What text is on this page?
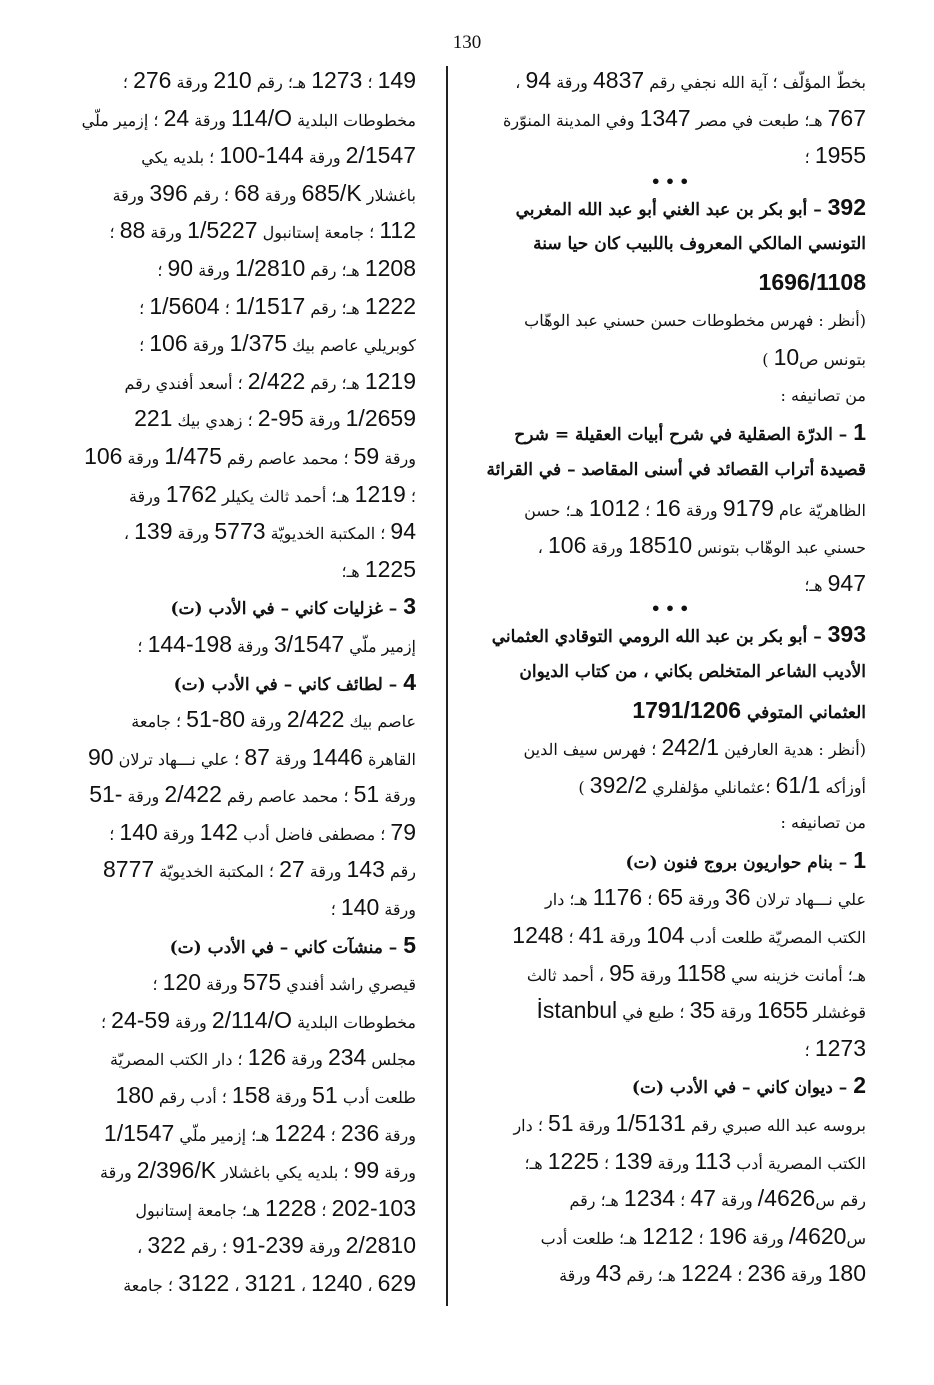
130
بخطّ المؤلّف ؛ آية الله نجفي رقم 4837 ورقة 94 ،
767 هـ؛ طبعت في مصر 1347 وفي المدينة المنوّرة
1955 ؛
•••
392 – أبو بكر بن عبد الغني أبو عبد الله المغربي
التونسي المالكي المعروف باللبيب كان حيا سنة
1696/1108
(أنظر : فهرس مخطوطات حسن حسني عبد الوهّاب
بتونس ص10 )
من تصانيفه :
1 – الدرّة الصقلية في شرح أبيات العقيلة = شرح
قصيدة أتراب القصائد في أسنى المقاصد – في القرائة
الظاهريّة عام 9179 ورقة 16 ؛ 1012 هـ؛ حسن
حسني عبد الوهّاب بتونس 18510 ورقة 106 ،
947 هـ؛
•••
393 – أبو بكر بن عبد الله الرومي التوقادي العثماني
الأديب الشاعر المتخلص بكاني ، من كتاب الديوان
العثماني المتوفي 1791/1206
(أنظر : هدية العارفين 242/1 ؛ فهرس سيف الدين
أوزأكه 61/1 ؛عثمانلي مؤلفلري 392/2 )
من تصانيفه :
1 – بنام حواريون بروج فنون (ت)
علي نـــهاد ترلان 36 ورقة 65 ؛ 1176 هـ؛ دار
الكتب المصريّة طلعت أدب 104 ورقة 41 ؛ 1248
هـ؛ أمانت خزينه سي 1158 ورقة 95 ، أحمد ثالث
قوغشلر 1655 ورقة 35 ؛ طبع في İstanbul
1273 ؛
2 – ديوان كاني – في الأدب (ت)
بروسه عبد الله صبري رقم 1/5131 ورقة 51 ؛ دار
الكتب المصرية أدب 113 ورقة 139 ؛ 1225 هـ؛
رقم س/4626 ورقة 47 ؛ 1234 هـ؛ رقم
س/4620 ورقة 196 ؛ 1212 هـ؛ طلعت أدب
180 ورقة 236 ؛ 1224 هـ؛ رقم 43 ورقة
149 ؛ 1273 هـ؛ رقم 210 ورقة 276 ؛
مخطوطات البلدية 114/O ورقة 24 ؛ إزمير ملّي
2/1547 ورقة 100-144 ؛ بلديه يكي
باغشلار 685/K ورقة 68 ؛ رقم 396 ورقة
112 ؛ جامعة إستانبول 1/5227 ورقة 88 ؛
1208 هـ؛ رقم 1/2810 ورقة 90 ؛
1222 هـ؛ رقم 1/1517 ؛ 1/5604 ؛
كوبريلي عاصم بيك 1/375 ورقة 106 ؛
1219 هـ؛ رقم 2/422 ؛ أسعد أفندي رقم
1/2659 ورقة 2-95 ؛ زهدي بيك 221
ورقة 59 ؛ محمد عاصم رقم 1/475 ورقة 106
؛ 1219 هـ؛ أحمد ثالث يكيلر 1762 ورقة
94 ؛ المكتبة الخديويّة 5773 ورقة 139 ،
1225 هـ؛
3 – غزليات كاني – في الأدب (ت)
إزمير ملّي 3/1547 ورقة 144-198 ؛
4 – لطائف كاني – في الأدب (ت)
عاصم بيك 2/422 ورقة 51-80 ؛ جامعة
القاهرة 1446 ورقة 87 ؛ علي نـــهاد ترلان 90
ورقة 51 ؛ محمد عاصم رقم 2/422 ورقة 51-
79 ؛ مصطفى فاضل أدب 142 ورقة 140 ؛
رقم 143 ورقة 27 ؛ المكتبة الخديويّة 8777
ورقة 140 ؛
5 – منشآت كاني – في الأدب (ت)
قيصري راشد أفندي 575 ورقة 120 ؛
مخطوطات البلدية 2/114/O ورقة 24-59 ؛
مجلس 234 ورقة 126 ؛ دار الكتب المصريّة
طلعت أدب 51 ورقة 158 ؛ أدب رقم 180
ورقة 236 ؛ 1224 هـ؛ إزمير ملّي 1/1547
ورقة 99 ؛ بلديه يكي باغشلار 2/396/K ورقة
202-103 ؛ 1228 هـ؛ جامعة إستانبول
2/2810 ورقة 91-239 ؛ رقم 322 ،
629 ، 1240 ، 3121 ، 3122 ؛ جامعة
